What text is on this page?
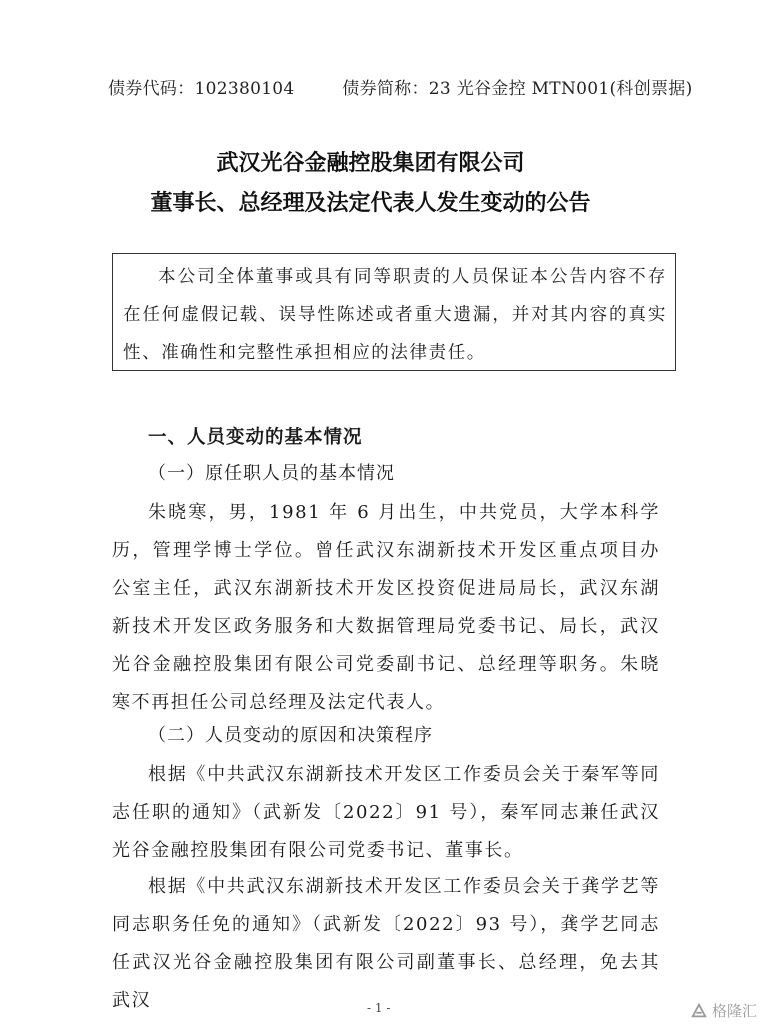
债券代码：102380104	债券简称：23 光谷金控 MTN001(科创票据)
武汉光谷金融控股集团有限公司
董事长、总经理及法定代表人发生变动的公告
本公司全体董事或具有同等职责的人员保证本公告内容不存在任何虚假记载、误导性陈述或者重大遗漏，并对其内容的真实性、准确性和完整性承担相应的法律责任。
一、人员变动的基本情况
（一）原任职人员的基本情况
朱晓寒，男，1981 年 6 月出生，中共党员，大学本科学历，管理学博士学位。曾任武汉东湖新技术开发区重点项目办公室主任，武汉东湖新技术开发区投资促进局局长，武汉东湖新技术开发区政务服务和大数据管理局党委书记、局长，武汉光谷金融控股集团有限公司党委副书记、总经理等职务。朱晓寒不再担任公司总经理及法定代表人。
（二）人员变动的原因和决策程序
根据《中共武汉东湖新技术开发区工作委员会关于秦军等同志任职的通知》（武新发〔2022〕91 号），秦军同志兼任武汉光谷金融控股集团有限公司党委书记、董事长。
根据《中共武汉东湖新技术开发区工作委员会关于龚学艺等同志职务任免的通知》（武新发〔2022〕93 号），龚学艺同志任武汉光谷金融控股集团有限公司副董事长、总经理，免去其武汉	- 1 -	格隆汇
